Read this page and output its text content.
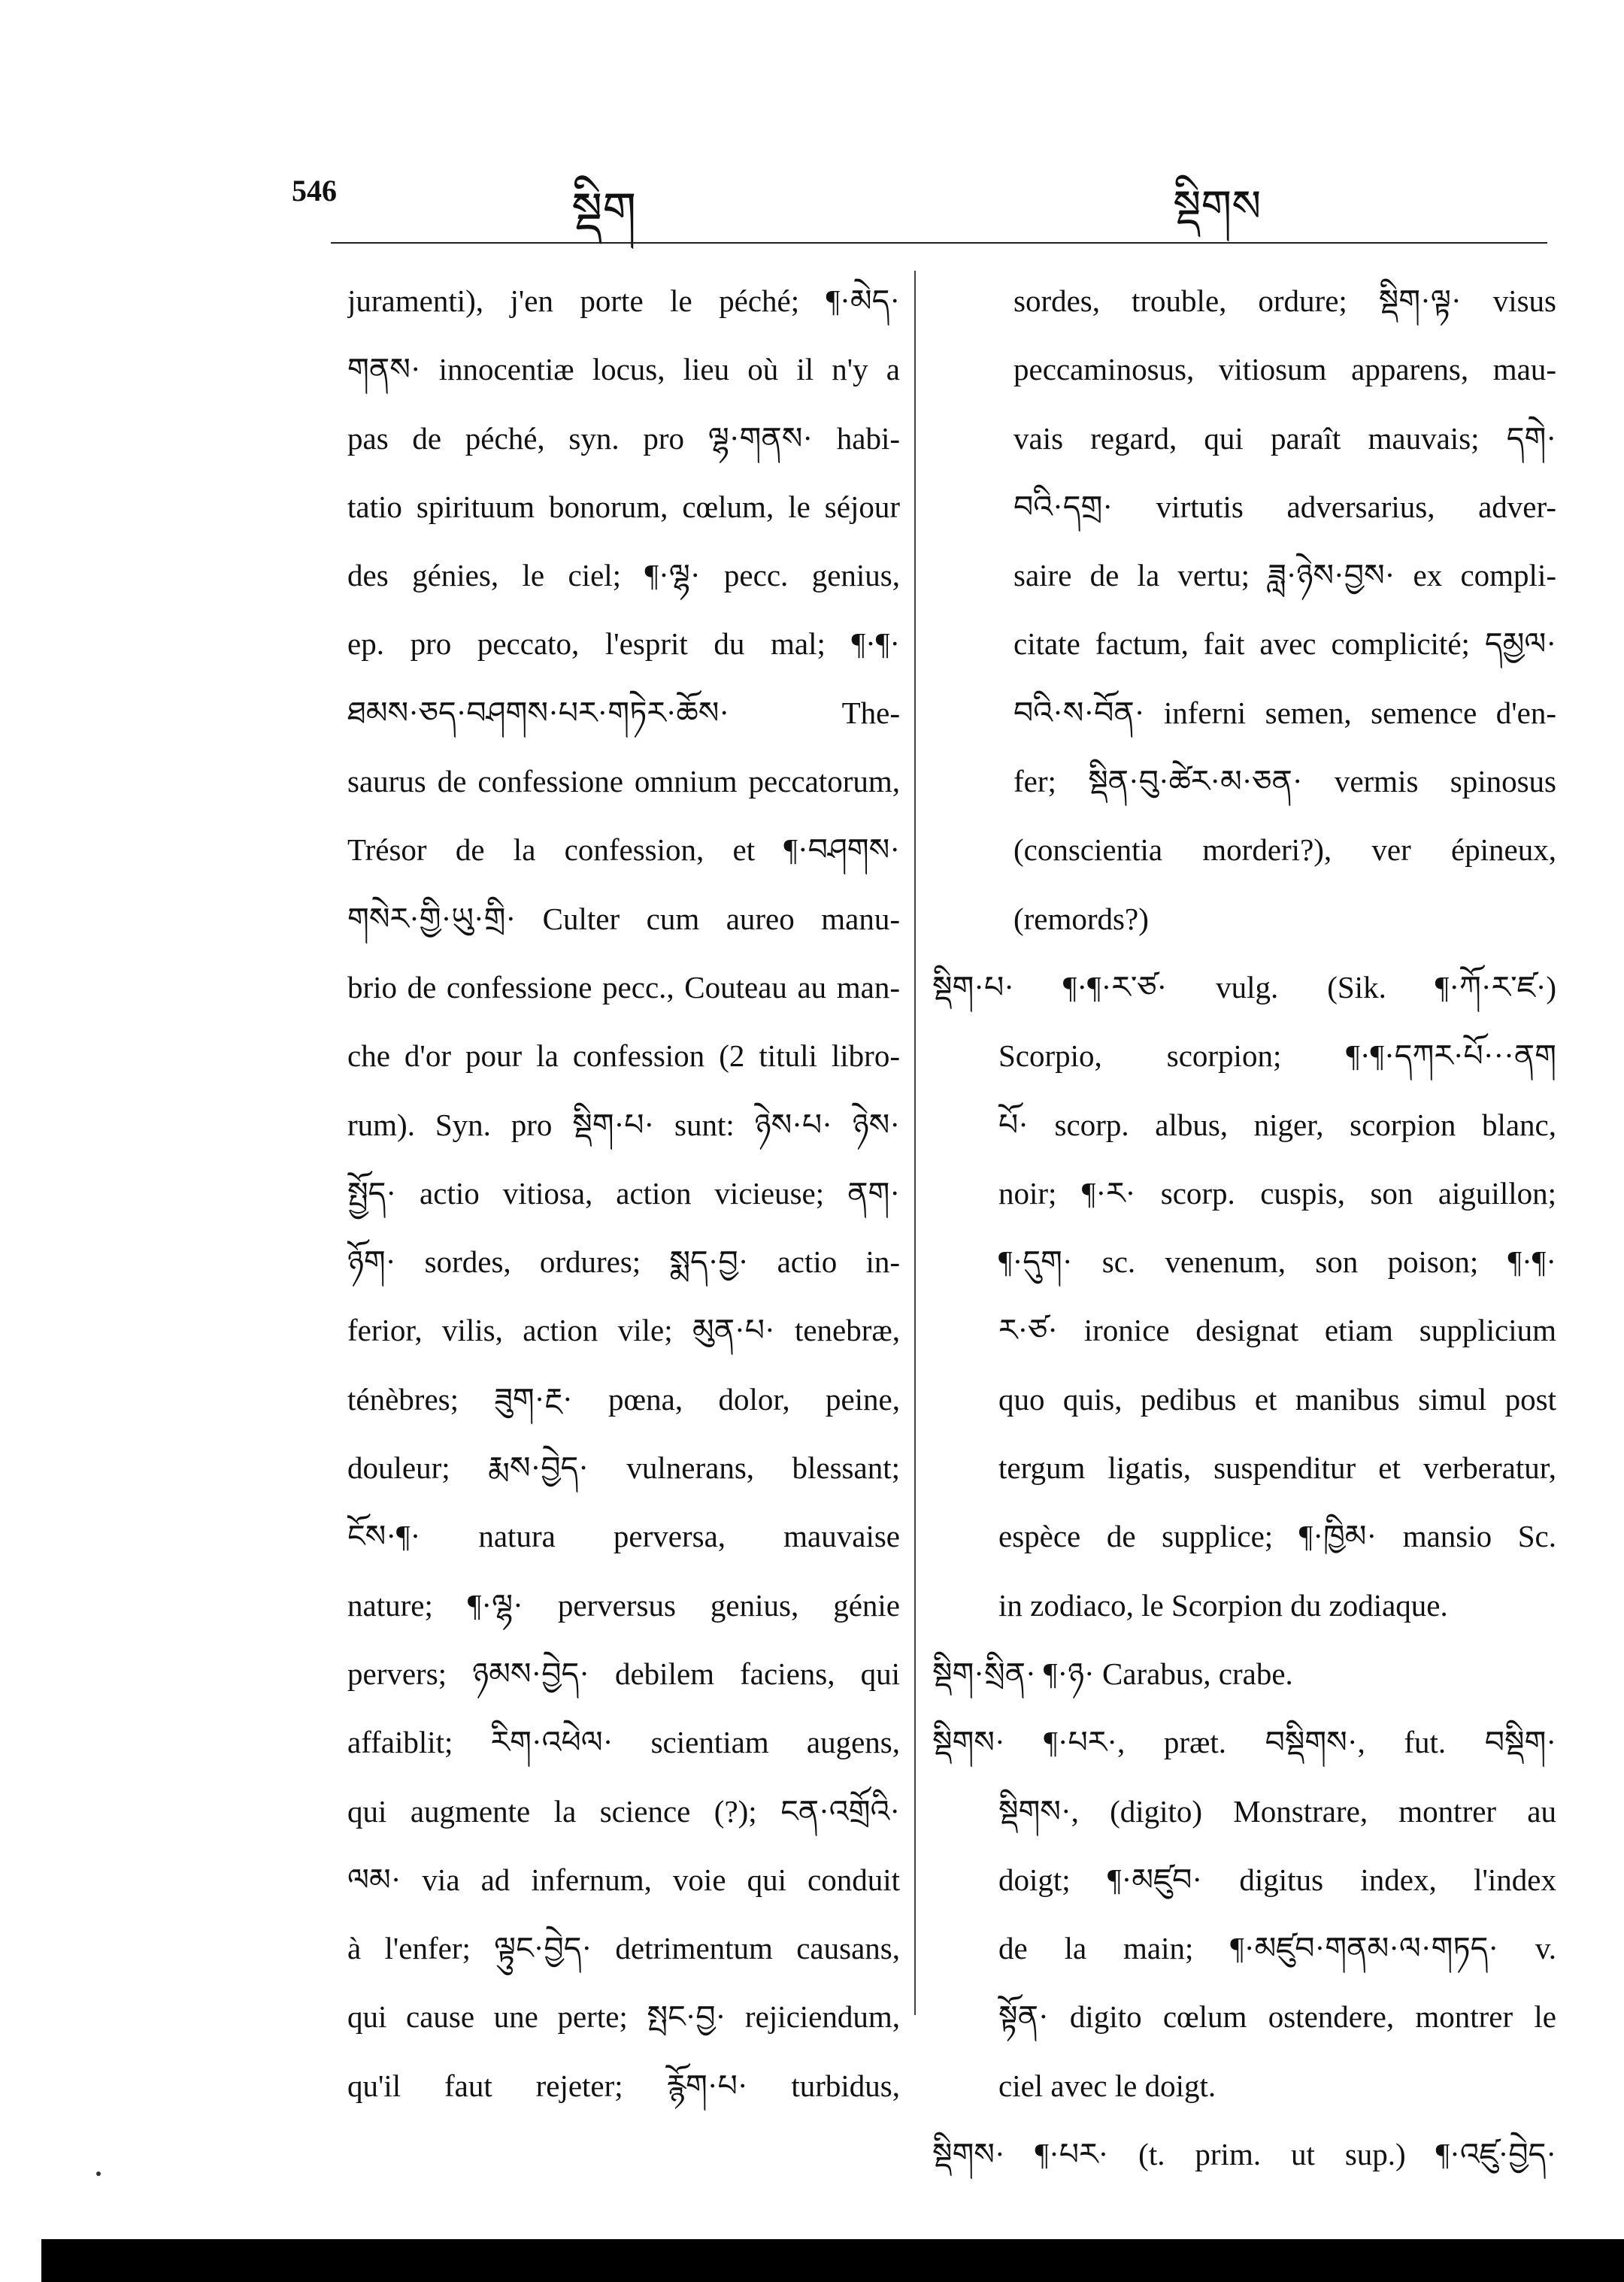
546	སྡིག	སྡིགས
juramenti), j'en porte le péché; ¶·མེད·
གནས· innocentiæ locus, lieu où il n'y a
pas de péché, syn. pro ལྷ·གནས· habi-
tatio spirituum bonorum, cœlum, le séjour
des génies, le ciel; ¶·ལྷ· pecc. genius,
ep. pro peccato, l'esprit du mal; ¶·¶·
ཐམས·ཅད·བཤགས·པར·གཏེར·ཆོས· The-
saurus de confessione omnium peccatorum,
Trésor de la confession, et ¶·བཤགས·
གསེར·གྱི·ཡུ·གྲི· Culter cum aureo manu-
brio de confessione pecc., Couteau au man-
che d'or pour la confession (2 tituli libro-
rum). Syn. pro སྡིག·པ· sunt: ཉེས·པ· ཉེས·
སྤྱོད· actio vitiosa, action vicieuse; ནག·
ཉོག· sordes, ordures; སྨད·བྱ· actio in-
ferior, vilis, action vile; མུན·པ· tenebræ,
ténèbres; ཟུག·རྔ· pœna, dolor, peine,
douleur; རྨས·བྱེད· vulnerans, blessant;
ངོས·¶· natura perversa, mauvaise
nature; ¶·ལྷ· perversus genius, génie
pervers; ཉམས·བྱེད· debilem faciens, qui
affaiblit; རིག·འཕེལ· scientiam augens,
qui augmente la science (?); ངན·འགྲོའི·
ལམ· via ad infernum, voie qui conduit
à l'enfer; ལྟུང·བྱེད· detrimentum causans,
qui cause une perte; སྤང·བྱ· rejiciendum,
qu'il faut rejeter; རྙོག·པ· turbidus,
sordes, trouble, ordure; སྡིག·ལྟ· visus
peccaminosus, vitiosum apparens, mau-
vais regard, qui paraît mauvais; དགེ·
བའི·དགྲ· virtutis adversarius, adver-
saire de la vertu; ཟླ·ཉེས·བྱས· ex compli-
citate factum, fait avec complicité; དམྱལ·
བའི·ས·བོན· inferni semen, semence d'en-
fer; སྡིན·བུ·ཚེར·མ·ཅན· vermis spinosus
(conscientia morderi?), ver épineux,
(remords?)
སྡིག·པ· ¶·¶·ར་ཙ· vulg. (Sik. ¶·ཀོ·ར་ཛ·)
Scorpio, scorpion; ¶·¶·དཀར·པོ···ནག
པོ· scorp. albus, niger, scorpion blanc,
noir; ¶·ར· scorp. cuspis, son aiguillon;
¶·དུག· sc. venenum, son poison; ¶·¶·
ར·ཙ· ironice designat etiam supplicium
quo quis, pedibus et manibus simul post
tergum ligatis, suspenditur et verberatur,
espèce de supplice; ¶·ཁྱིམ· mansio Sc.
in zodiaco, le Scorpion du zodiaque.
སྡིག·སྲིན· ¶·ཉ· Carabus, crabe.
སྡིགས· ¶·པར·, præt. བསྡིགས·, fut. བསྡིག·
སྡིགས·, (digito) Monstrare, montrer au
doigt; ¶·མཛུབ· digitus index, l'index
de la main; ¶·མཛུབ·གནམ·ལ·གཏད· v.
སྟོན· digito cœlum ostendere, montrer le
ciel avec le doigt.
སྡིགས· ¶·པར· (t. prim. ut sup.) ¶·འཛུ·བྱེད·
